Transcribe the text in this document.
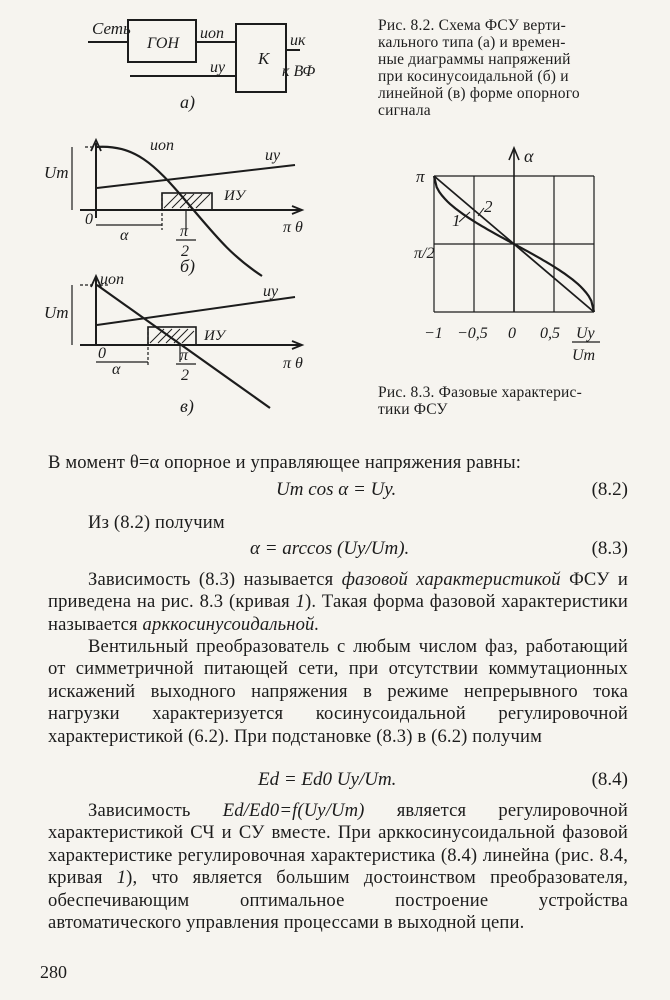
Сеть
ГОН
uоп
К
uк
uу	к ВФ
а)
uоп
uу
Um
ИУ
0
α	π
2
π θ
б)
uоп
uу
Um
ИУ
0
α
π
2
π θ
в)
Рис. 8.2. Схема ФСУ верти-
кального типа (а) и времен-
ные диаграммы напряжений
при косинусоидальной (б) и
линейной (в) форме опорного
сигнала
α
π
π/2
−1 −0,5 0 0,5 Uу
Um
1
2
Рис. 8.3. Фазовые характерис-
тики ФСУ
В момент θ=α опорное и управляющее напряжения равны:
Um cos α = Uу.	(8.2)
Из (8.2) получим
α = arccos (Uу/Um).	(8.3)
Зависимость (8.3) называется фазовой характеристикой ФСУ и приведена на рис. 8.3 (кривая 1). Такая форма фазовой характеристики называется арккосинусоидальной.
Вентильный преобразователь с любым числом фаз, работающий от симметричной питающей сети, при отсутствии коммутационных искажений выходного напряжения в режиме непрерывного тока нагрузки характеризуется косинусоидальной регулировочной характеристикой (6.2). При подстановке (8.3) в (6.2) получим
Ed = Ed0 Uу/Um.	(8.4)
Зависимость Ed/Ed0=f(Uу/Um) является регулировочной характеристикой СЧ и СУ вместе. При арккосинусоидальной фазовой характеристике регулировочная характеристика (8.4) линейна (рис. 8.4, кривая 1), что является большим достоинством преобразователя, обеспечивающим оптимальное построение устройства автоматического управления процессами в выходной цепи.
280
